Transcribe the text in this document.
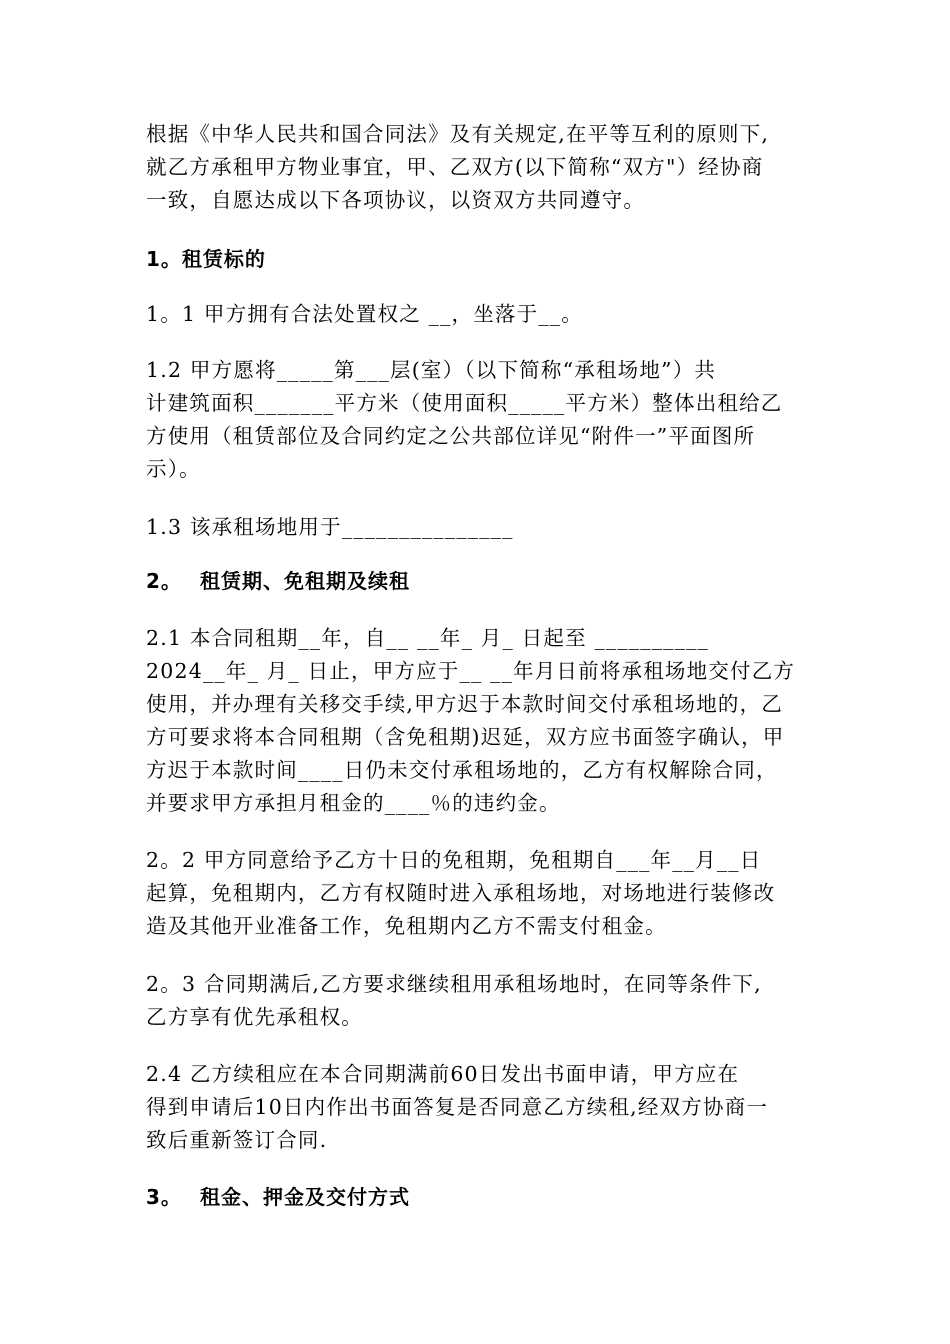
根据《中华人民共和国合同法》及有关规定,在平等互利的原则下,
就乙方承租甲方物业事宜，甲、乙双方(以下简称“双方"）经协商
一致，自愿达成以下各项协议，以资双方共同遵守。

1。租赁标的

1。1 甲方拥有合法处置权之 __，坐落于__。

1.2 甲方愿将_____第___层(室）（以下简称“承租场地”）共
计建筑面积_______平方米（使用面积_____平方米）整体出租给乙
方使用（租赁部位及合同约定之公共部位详见“附件一”平面图所
示）。

1.3 该承租场地用于_______________

2。 租赁期、免租期及续租

2.1 本合同租期__年，自__ __年_ 月_ 日起至 __________
2024__年_ 月_ 日止，甲方应于__ __年月日前将承租场地交付乙方
使用，并办理有关移交手续,甲方迟于本款时间交付承租场地的，乙
方可要求将本合同租期（含免租期)迟延，双方应书面签字确认，甲
方迟于本款时间____日仍未交付承租场地的，乙方有权解除合同，
并要求甲方承担月租金的____％的违约金。

2。2 甲方同意给予乙方十日的免租期，免租期自___年__月__日
起算，免租期内，乙方有权随时进入承租场地，对场地进行装修改
造及其他开业准备工作，免租期内乙方不需支付租金。

2。3 合同期满后,乙方要求继续租用承租场地时，在同等条件下,
乙方享有优先承租权。

2.4 乙方续租应在本合同期满前60日发出书面申请，甲方应在
得到申请后10日内作出书面答复是否同意乙方续租,经双方协商一
致后重新签订合同.

3。 租金、押金及交付方式
